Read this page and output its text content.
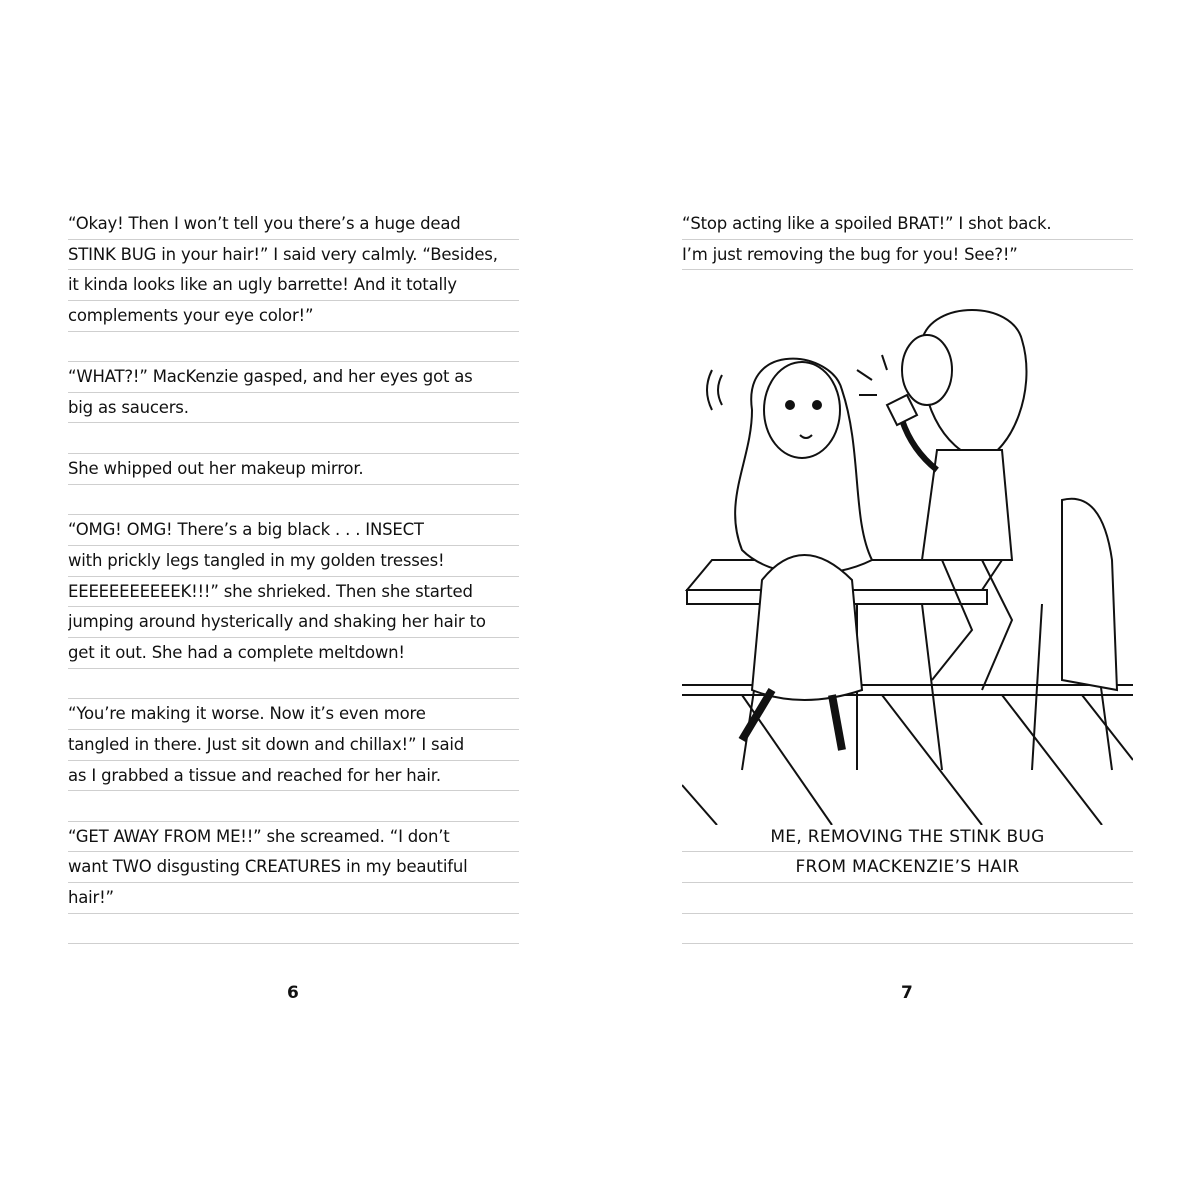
“Okay! Then I won’t tell you there’s a huge dead
STINK BUG in your hair!” I said very calmly. “Besides,
it kinda looks like an ugly barrette! And it totally
complements your eye color!”
“WHAT?!” MacKenzie gasped, and her eyes got as
big as saucers.
She whipped out her makeup mirror.
“OMG! OMG! There’s a big black . . . INSECT
with prickly legs tangled in my golden tresses!
EEEEEEEEEEEK!!!” she shrieked. Then she started
jumping around hysterically and shaking her hair to
get it out. She had a complete meltdown!
“You’re making it worse. Now it’s even more
tangled in there. Just sit down and chillax!” I said
as I grabbed a tissue and reached for her hair.
“GET AWAY FROM ME!!” she screamed. “I don’t
want TWO disgusting CREATURES in my beautiful
hair!”
“Stop acting like a spoiled BRAT!” I shot back.
I’m just removing the bug for you! See?!”
ME, REMOVING THE STINK BUG
FROM MACKENZIE’S HAIR
6	7
